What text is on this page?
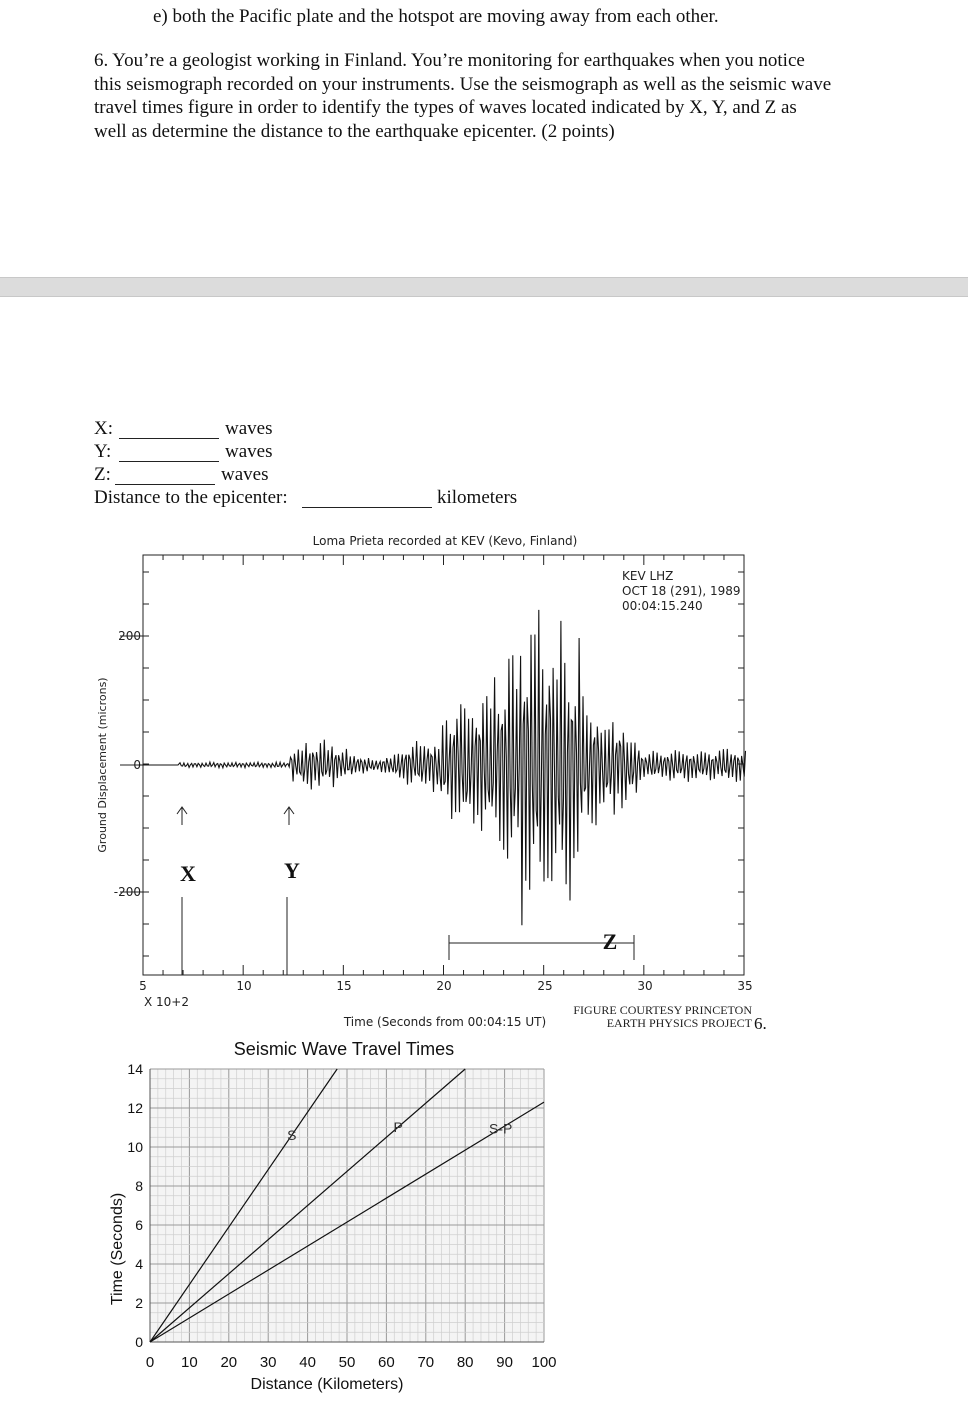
e) both the Pacific plate and the hotspot are moving away from each other.
6. You’re a geologist working in Finland. You’re monitoring for earthquakes when you notice
this seismograph recorded on your instruments. Use the seismograph as well as the seismic wave
travel times figure in order to identify the types of waves located indicated by X, Y, and Z as
well as determine the distance to the earthquake epicenter. (2 points)
X:	waves
Y:	waves
Z:	waves
Distance to the epicenter:	kilometers
Loma Prieta recorded at KEV (Kevo, Finland)
Ground Displacement (microns)
200
0
-200
5	10	15	20	25	30	35
X 10+2
Time (Seconds from 00:04:15 UT)
KEV LHZ
OCT 18 (291), 1989
00:04:15.240
X	Y
Z
FIGURE COURTESY PRINCETON
EARTH PHYSICS PROJECT 6.
Seismic Wave Travel Times
S
P	S-P
0 10 20 30 40 50 60 70 80 90 100
0
2
4
6
8
10
12
14
Distance (Kilometers)
Time (Seconds)
